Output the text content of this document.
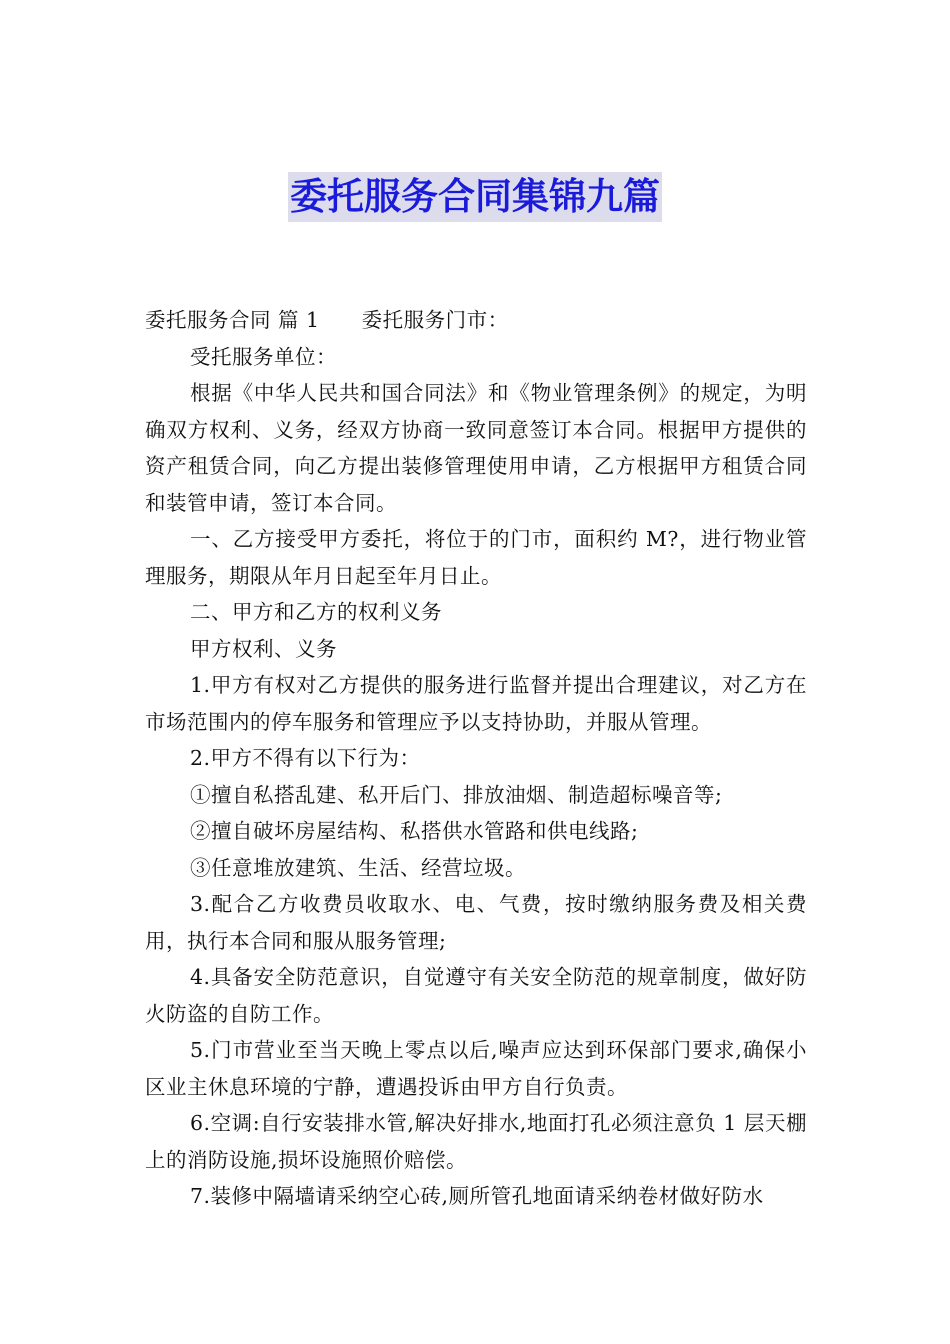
委托服务合同集锦九篇

委托服务合同 篇 1 委托服务门市：

受托服务单位：

根据《中华人民共和国合同法》和《物业管理条例》的规定，为明确双方权利、义务，经双方协商一致同意签订本合同。根据甲方提供的资产租赁合同，向乙方提出装修管理使用申请，乙方根据甲方租赁合同和装管申请，签订本合同。

一、乙方接受甲方委托，将位于的门市，面积约 M?，进行物业管理服务，期限从年月日起至年月日止。

二、甲方和乙方的权利义务

甲方权利、义务

1.甲方有权对乙方提供的服务进行监督并提出合理建议，对乙方在市场范围内的停车服务和管理应予以支持协助，并服从管理。

2.甲方不得有以下行为：

①擅自私搭乱建、私开后门、排放油烟、制造超标噪音等;

②擅自破坏房屋结构、私搭供水管路和供电线路;

③任意堆放建筑、生活、经营垃圾。

3.配合乙方收费员收取水、电、气费，按时缴纳服务费及相关费用，执行本合同和服从服务管理;

4.具备安全防范意识，自觉遵守有关安全防范的规章制度，做好防火防盗的自防工作。

5.门市营业至当天晚上零点以后,噪声应达到环保部门要求,确保小区业主休息环境的宁静，遭遇投诉由甲方自行负责。

6.空调:自行安装排水管,解决好排水,地面打孔必须注意负 1 层天棚上的消防设施,损坏设施照价赔偿。

7.装修中隔墙请采纳空心砖,厕所管孔地面请采纳卷材做好防水
